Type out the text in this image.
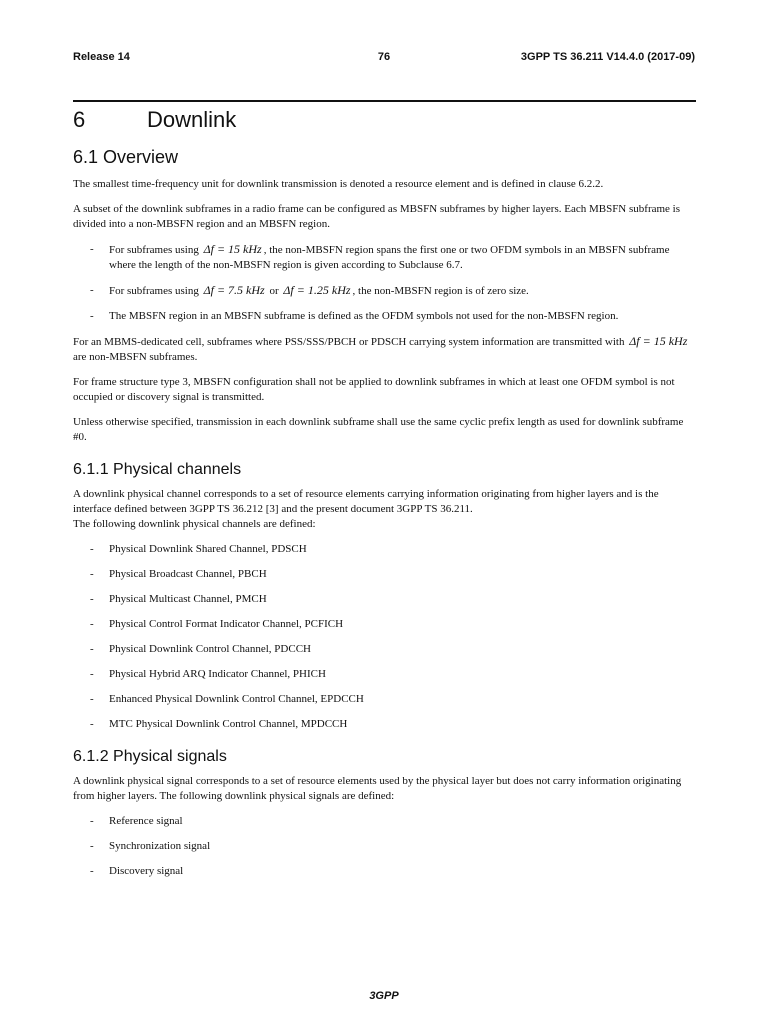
Release 14	76	3GPP TS 36.211 V14.4.0 (2017-09)
6	Downlink
6.1 Overview

The smallest time-frequency unit for downlink transmission is denoted a resource element and is defined in clause 6.2.2.

A subset of the downlink subframes in a radio frame can be configured as MBSFN subframes by higher layers. Each MBSFN subframe is divided into a non-MBSFN region and an MBSFN region.

-	For subframes using Δf = 15 kHz , the non-MBSFN region spans the first one or two OFDM symbols in an MBSFN subframe where the length of the non-MBSFN region is given according to Subclause 6.7.
-	For subframes using Δf = 7.5 kHz or Δf = 1.25 kHz , the non-MBSFN region is of zero size.
-	The MBSFN region in an MBSFN subframe is defined as the OFDM symbols not used for the non-MBSFN region.

For an MBMS-dedicated cell, subframes where PSS/SSS/PBCH or PDSCH carrying system information are transmitted with Δf = 15 kHz are non-MBSFN subframes.

For frame structure type 3, MBSFN configuration shall not be applied to downlink subframes in which at least one OFDM symbol is not occupied or discovery signal is transmitted.

Unless otherwise specified, transmission in each downlink subframe shall use the same cyclic prefix length as used for downlink subframe #0.

6.1.1 Physical channels

A downlink physical channel corresponds to a set of resource elements carrying information originating from higher layers and is the interface defined between 3GPP TS 36.212 [3] and the present document 3GPP TS 36.211.
The following downlink physical channels are defined:

-	Physical Downlink Shared Channel, PDSCH
-	Physical Broadcast Channel, PBCH
-	Physical Multicast Channel, PMCH
-	Physical Control Format Indicator Channel, PCFICH
-	Physical Downlink Control Channel, PDCCH
-	Physical Hybrid ARQ Indicator Channel, PHICH
-	Enhanced Physical Downlink Control Channel, EPDCCH
-	MTC Physical Downlink Control Channel, MPDCCH
6.1.2 Physical signals

A downlink physical signal corresponds to a set of resource elements used by the physical layer but does not carry information originating from higher layers. The following downlink physical signals are defined:

-	Reference signal
-	Synchronization signal
-	Discovery signal
3GPP
